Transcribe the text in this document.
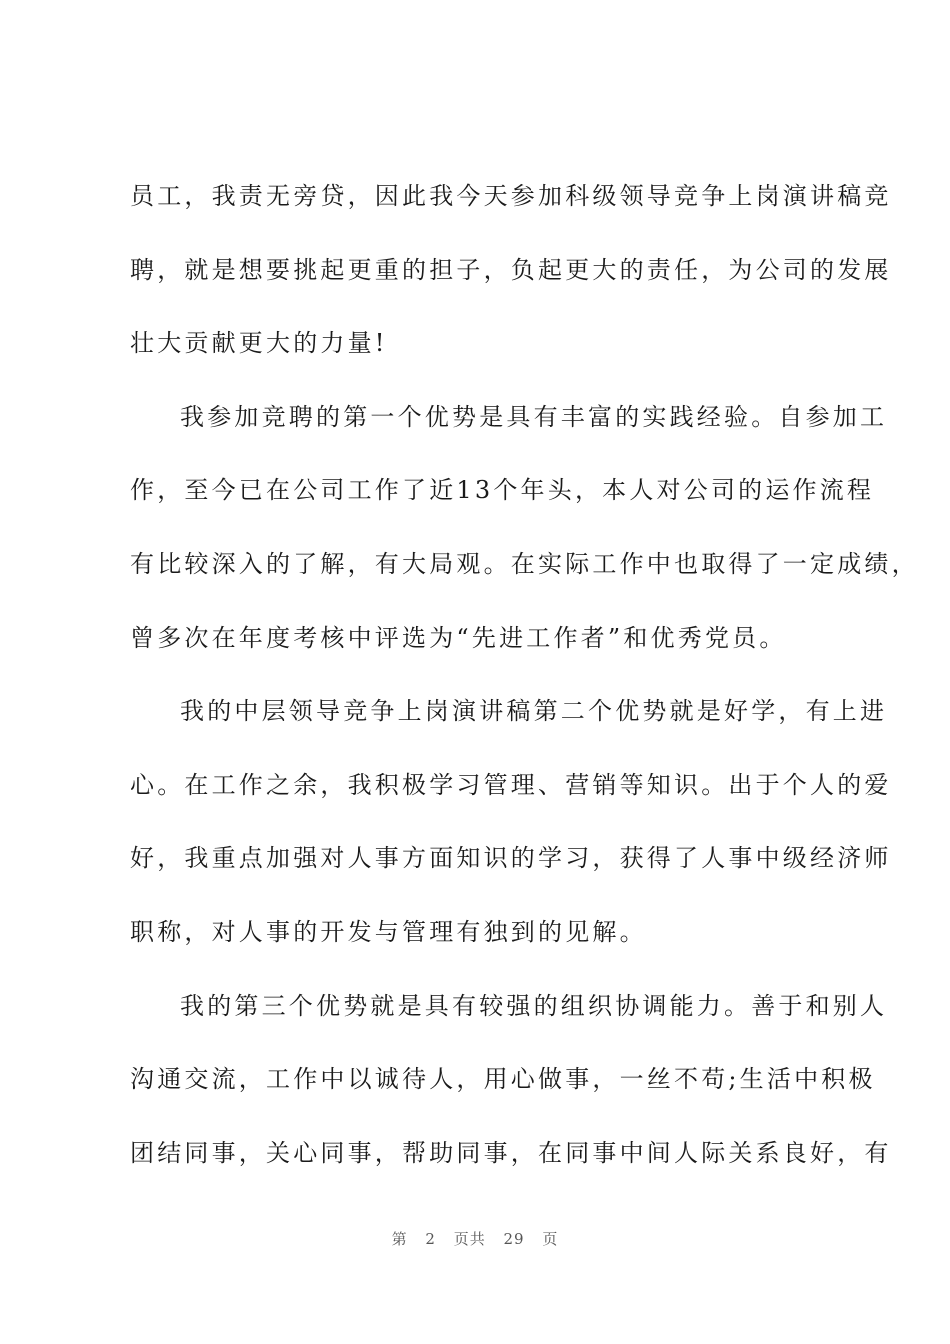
员工，我责无旁贷，因此我今天参加科级领导竞争上岗演讲稿竞
聘，就是想要挑起更重的担子，负起更大的责任，为公司的发展
壮大贡献更大的力量!
我参加竞聘的第一个优势是具有丰富的实践经验。自参加工
作，至今已在公司工作了近13个年头，本人对公司的运作流程
有比较深入的了解，有大局观。在实际工作中也取得了一定成绩，
曾多次在年度考核中评选为“先进工作者”和优秀党员。
我的中层领导竞争上岗演讲稿第二个优势就是好学，有上进
心。在工作之余，我积极学习管理、营销等知识。出于个人的爱
好，我重点加强对人事方面知识的学习，获得了人事中级经济师
职称，对人事的开发与管理有独到的见解。
我的第三个优势就是具有较强的组织协调能力。善于和别人
沟通交流，工作中以诚待人，用心做事，一丝不苟;生活中积极
团结同事，关心同事，帮助同事，在同事中间人际关系良好，有
第 2 页共 29 页
